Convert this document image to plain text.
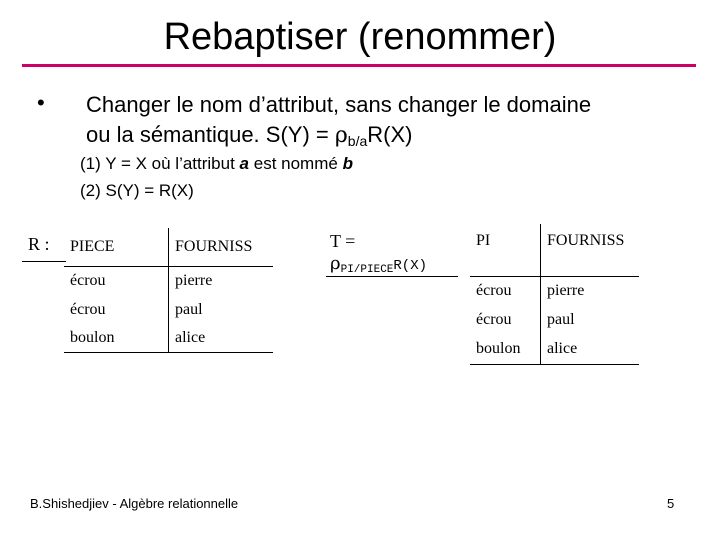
Rebaptiser (renommer)
• Changer le nom d’attribut, sans changer le domaine
ou la sémantique. $S(Y) = \rho_{b/a}R(X)$
(1) Y = X où l’attribut a est nommé b
(2) S(Y) = R(X)
R : PIECE	FOURNISS
écrou	pierre
écrou	paul
boulon	alice
T =
ρPI/PIECER(X)
PI	FOURNISS
écrou	pierre
écrou	paul
boulon	alice
B.Shishedjiev - Algèbre relationnelle	5
